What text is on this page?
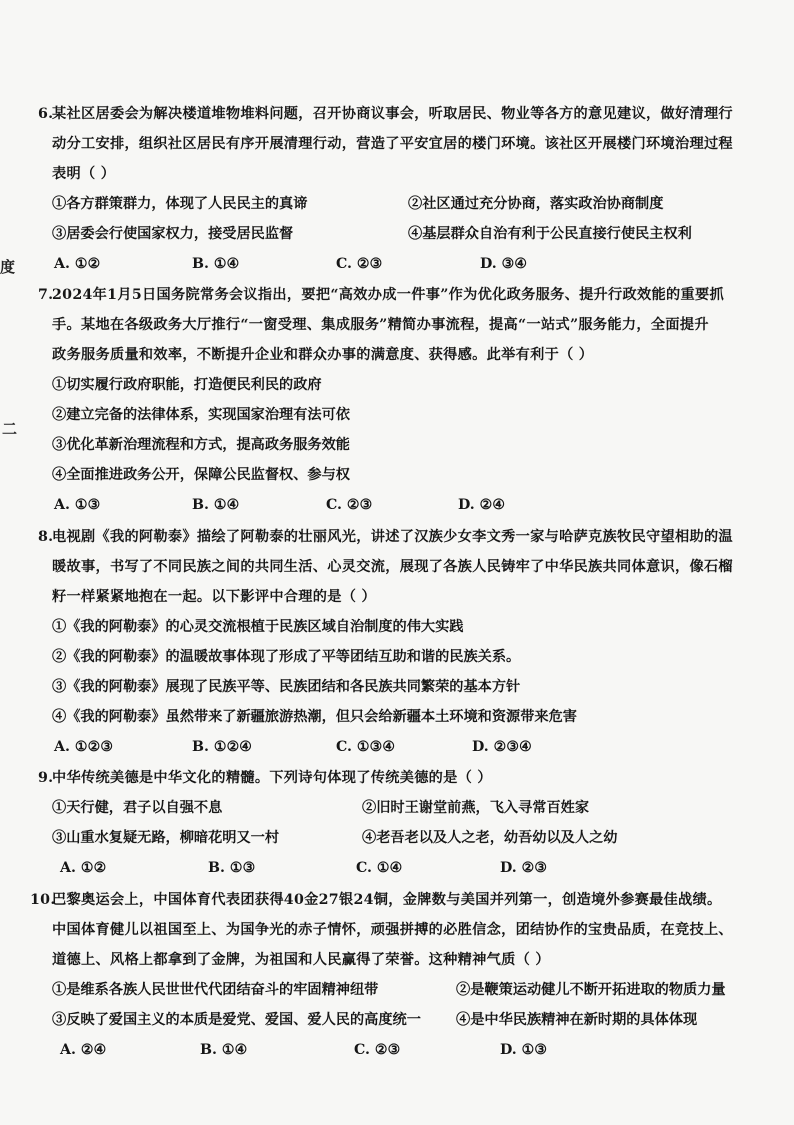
度
二
6.
某社区居委会为解决楼道堆物堆料问题，召开协商议事会，听取居民、物业等各方的意见建议，做好清理行
动分工安排，组织社区居民有序开展清理行动，营造了平安宜居的楼门环境。该社区开展楼门环境治理过程
表明（ ）
①各方群策群力，体现了人民民主的真谛	②社区通过充分协商，落实政治协商制度
③居委会行使国家权力，接受居民监督	④基层群众自治有利于公民直接行使民主权利
A. ①②	B. ①④	C. ②③	D. ③④
7.
2024年1月5日国务院常务会议指出，要把“高效办成一件事”作为优化政务服务、提升行政效能的重要抓
手。某地在各级政务大厅推行“一窗受理、集成服务”精简办事流程，提高“一站式”服务能力，全面提升
政务服务质量和效率，不断提升企业和群众办事的满意度、获得感。此举有利于（ ）
①切实履行政府职能，打造便民利民的政府
②建立完备的法律体系，实现国家治理有法可依
③优化革新治理流程和方式，提高政务服务效能
④全面推进政务公开，保障公民监督权、参与权
A. ①③	B. ①④	C. ②③	D. ②④
8.
电视剧《我的阿勒泰》描绘了阿勒泰的壮丽风光，讲述了汉族少女李文秀一家与哈萨克族牧民守望相助的温
暖故事，书写了不同民族之间的共同生活、心灵交流，展现了各族人民铸牢了中华民族共同体意识，像石榴
籽一样紧紧地抱在一起。以下影评中合理的是（ ）
①《我的阿勒泰》的心灵交流根植于民族区域自治制度的伟大实践
②《我的阿勒泰》的温暖故事体现了形成了平等团结互助和谐的民族关系。
③《我的阿勒泰》展现了民族平等、民族团结和各民族共同繁荣的基本方针
④《我的阿勒泰》虽然带来了新疆旅游热潮，但只会给新疆本土环境和资源带来危害
A. ①②③	B. ①②④	C. ①③④	D. ②③④
9.
中华传统美德是中华文化的精髓。下列诗句体现了传统美德的是（ ）
①天行健，君子以自强不息	②旧时王谢堂前燕，飞入寻常百姓家
③山重水复疑无路，柳暗花明又一村	④老吾老以及人之老，幼吾幼以及人之幼
A. ①②	B. ①③	C. ①④	D. ②③
10.
巴黎奥运会上，中国体育代表团获得40金27银24铜，金牌数与美国并列第一，创造境外参赛最佳战绩。
中国体育健儿以祖国至上、为国争光的赤子情怀，顽强拼搏的必胜信念，团结协作的宝贵品质，在竞技上、
道德上、风格上都拿到了金牌，为祖国和人民赢得了荣誉。这种精神气质（ ）
①是维系各族人民世世代代团结奋斗的牢固精神纽带	②是鞭策运动健儿不断开拓进取的物质力量
③反映了爱国主义的本质是爱党、爱国、爱人民的高度统一 ④是中华民族精神在新时期的具体体现
A. ②④	B. ①④	C. ②③	D. ①③
